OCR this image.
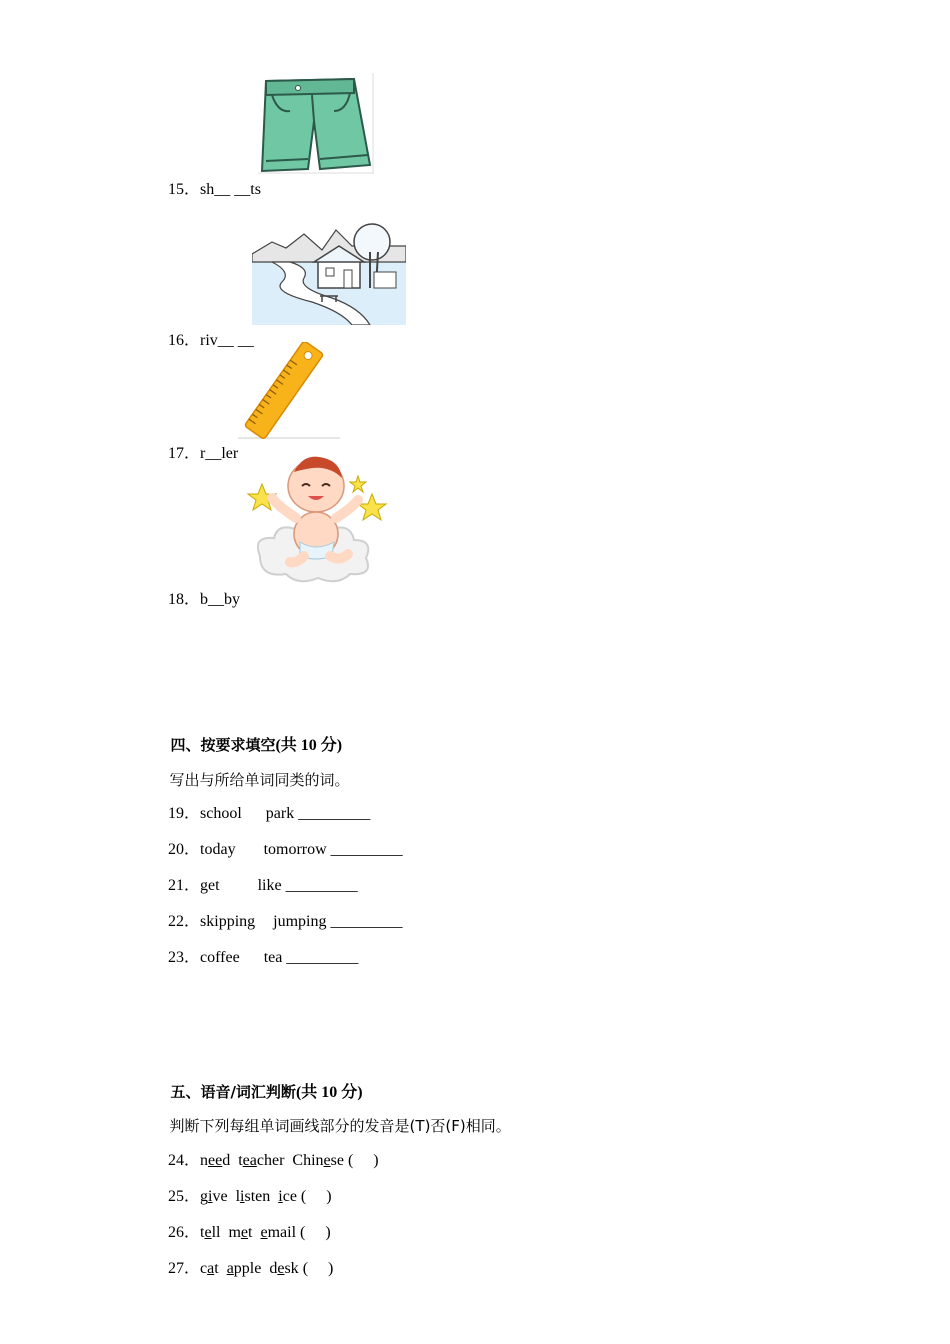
15．sh__ __ts

16．riv__ __

17．r__ler

18．b__by

四、按要求填空(共 10 分)

写出与所给单词同类的词。

19．school park _________

20．today tomorrow _________

21．get like _________

22．skipping jumping _________

23．coffee tea _________

五、语音/词汇判断(共 10 分)

判断下列每组单词画线部分的发音是(T)否(F)相同。

24．need teacher Chinese (     )

25．give listen ice (     )

26．tell met email (     )

27．cat apple desk (     )
